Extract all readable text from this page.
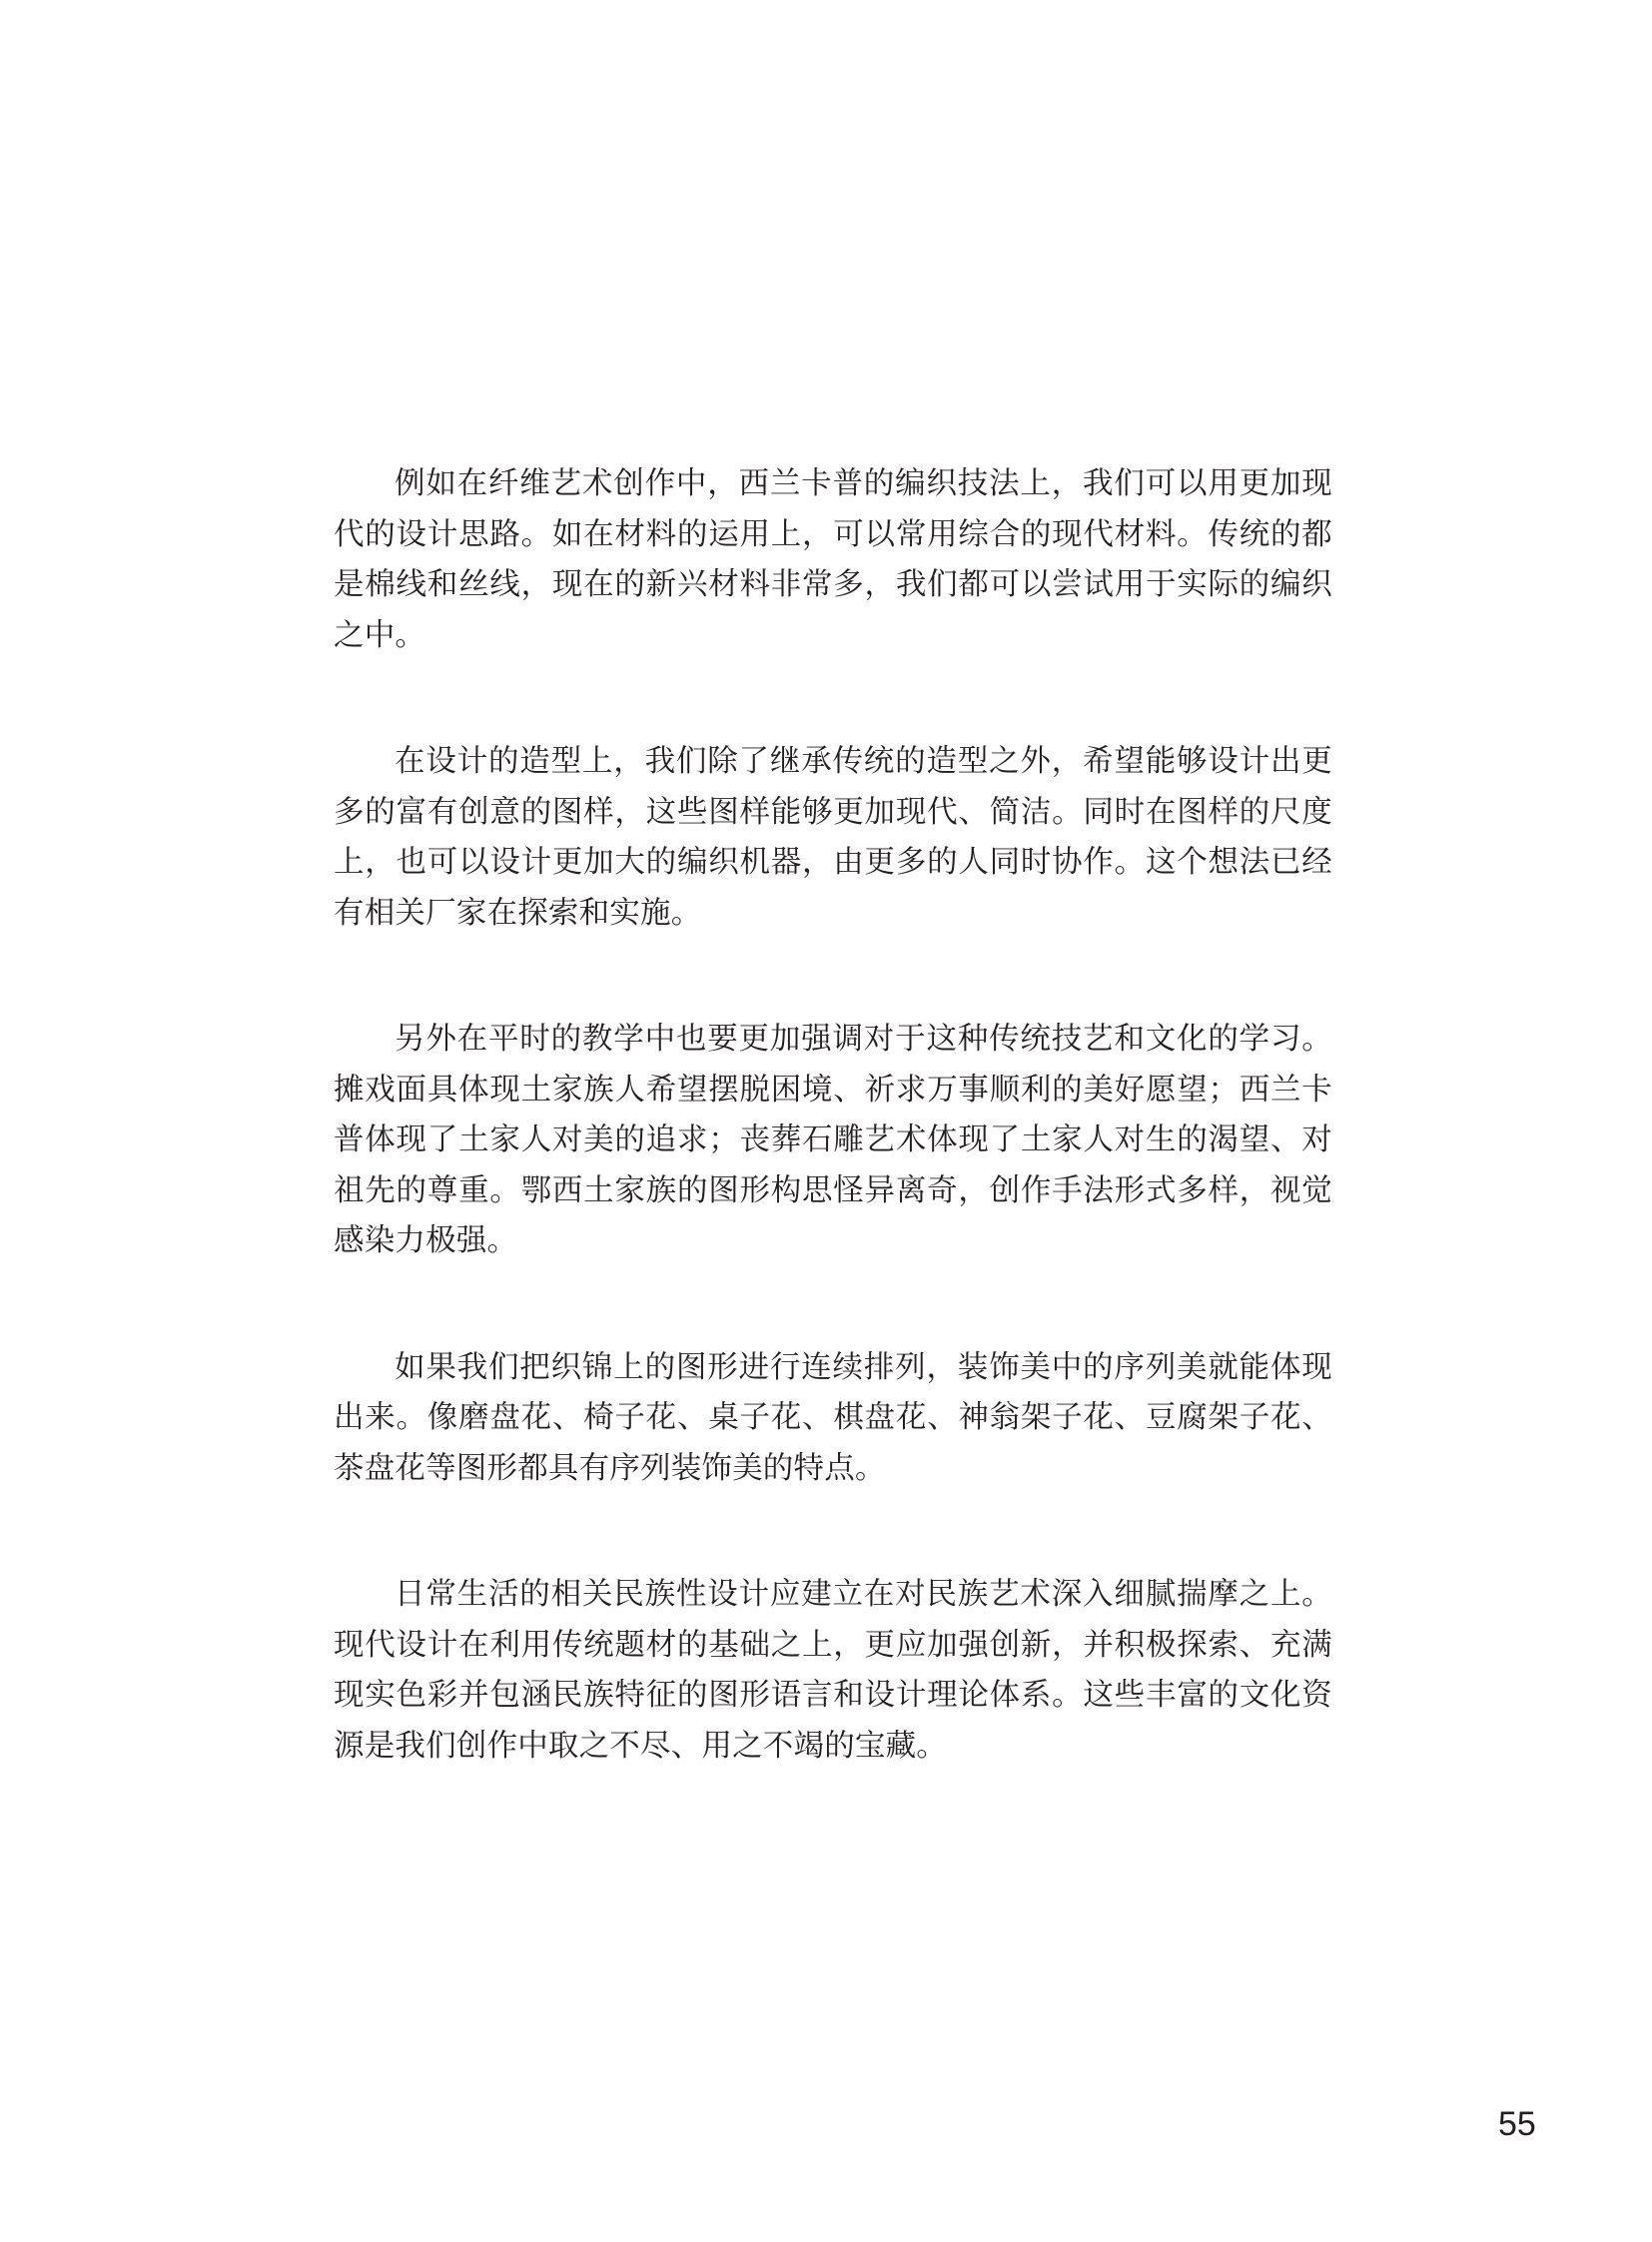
例如在纤维艺术创作中，西兰卡普的编织技法上，我们可以用更加现代的设计思路。如在材料的运用上，可以常用综合的现代材料。传统的都是棉线和丝线，现在的新兴材料非常多，我们都可以尝试用于实际的编织之中。

在设计的造型上，我们除了继承传统的造型之外，希望能够设计出更多的富有创意的图样，这些图样能够更加现代、简洁。同时在图样的尺度上，也可以设计更加大的编织机器，由更多的人同时协作。这个想法已经有相关厂家在探索和实施。

另外在平时的教学中也要更加强调对于这种传统技艺和文化的学习。摊戏面具体现土家族人希望摆脱困境、祈求万事顺利的美好愿望；西兰卡普体现了土家人对美的追求；丧葬石雕艺术体现了土家人对生的渴望、对祖先的尊重。鄂西土家族的图形构思怪异离奇，创作手法形式多样，视觉感染力极强。

如果我们把织锦上的图形进行连续排列，装饰美中的序列美就能体现出来。像磨盘花、椅子花、桌子花、棋盘花、神翁架子花、豆腐架子花、茶盘花等图形都具有序列装饰美的特点。

日常生活的相关民族性设计应建立在对民族艺术深入细腻揣摩之上。现代设计在利用传统题材的基础之上，更应加强创新，并积极探索、充满现实色彩并包涵民族特征的图形语言和设计理论体系。这些丰富的文化资源是我们创作中取之不尽、用之不竭的宝藏。

55
